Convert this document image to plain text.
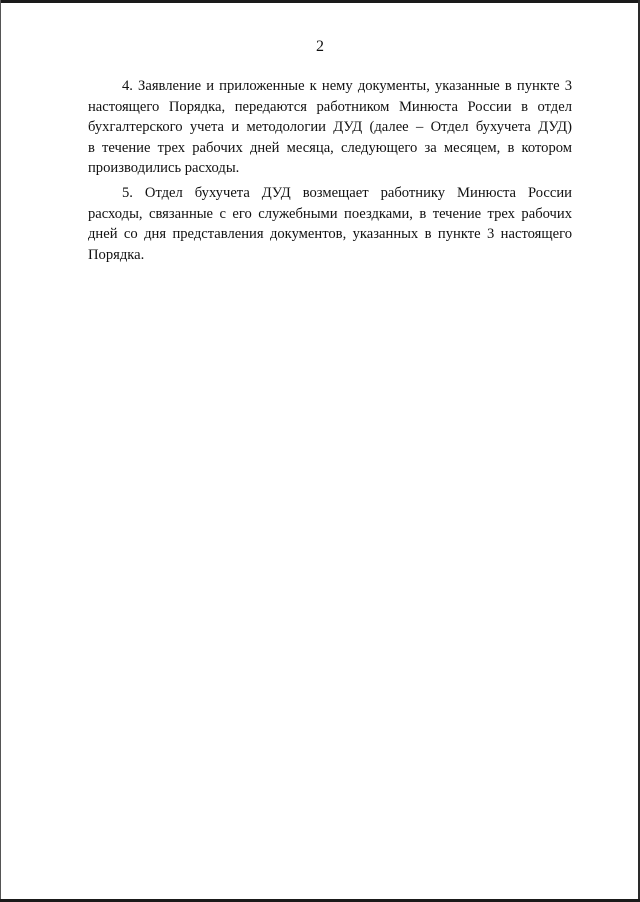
2
4. Заявление и приложенные к нему документы, указанные в пункте 3
настоящего Порядка, передаются работником Минюста России в отдел
бухгалтерского учета и методологии ДУД (далее – Отдел бухучета ДУД)
в течение трех рабочих дней месяца, следующего за месяцем, в котором
производились расходы.
5. Отдел бухучета ДУД возмещает работнику Минюста России
расходы, связанные с его служебными поездками, в течение трех рабочих
дней со дня представления документов, указанных в пункте 3 настоящего
Порядка.
